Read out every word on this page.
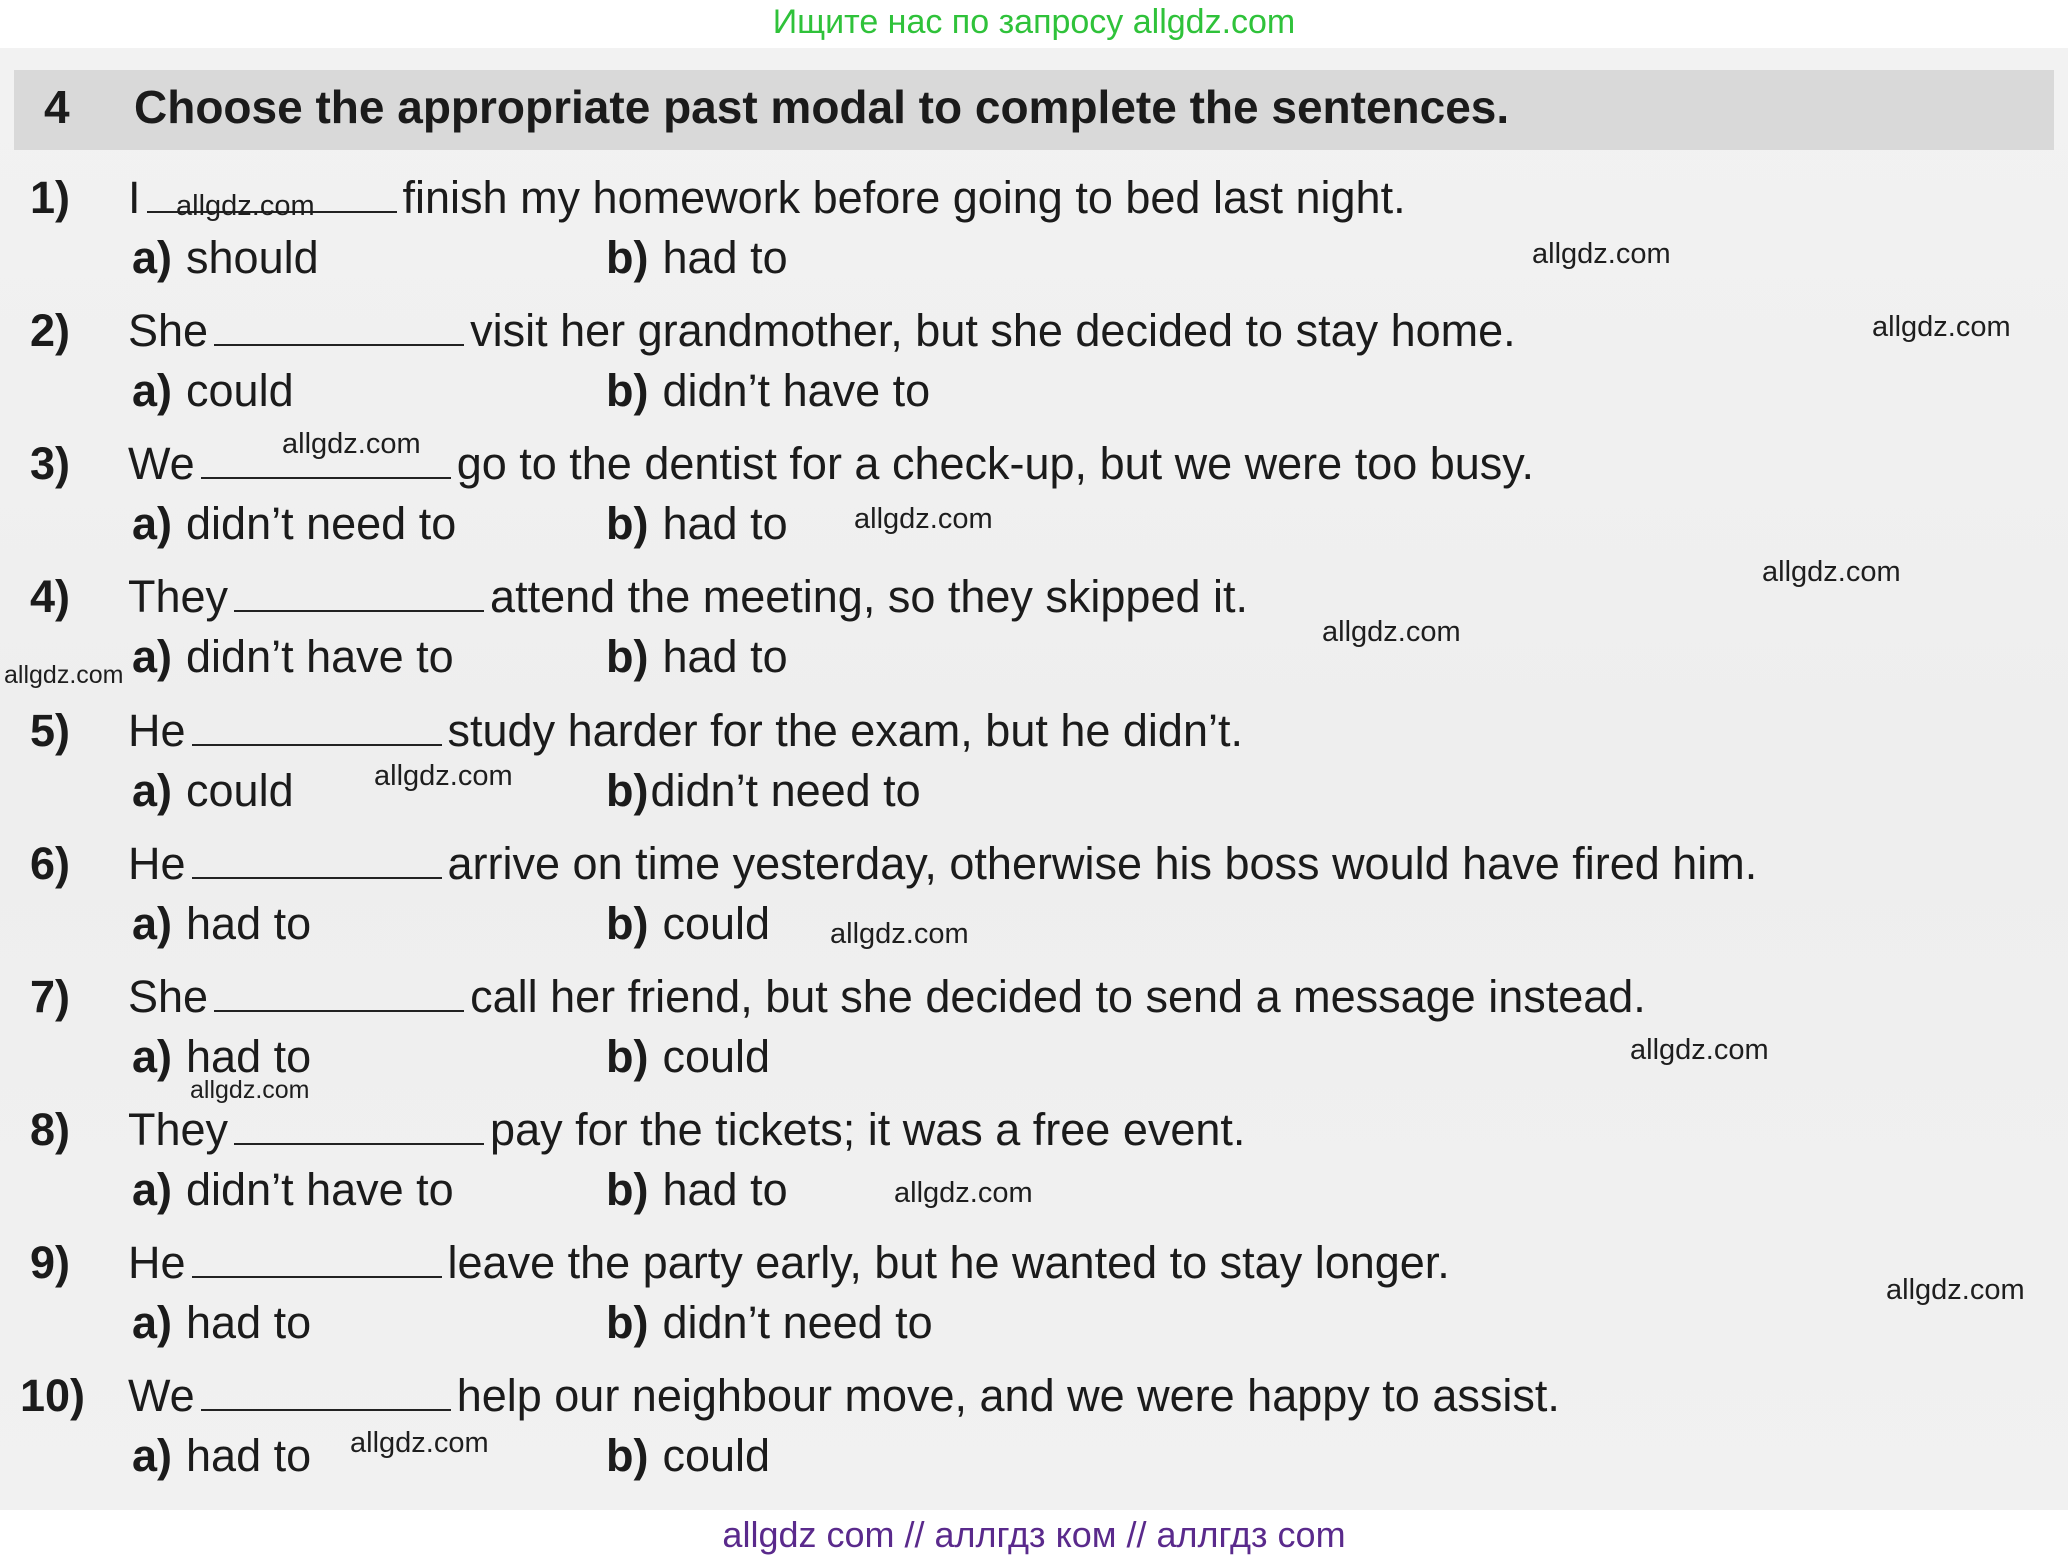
Ищите нас по запросу allgdz.com
4 Choose the appropriate past modal to complete the sentences.
1) I	finish my homework before going to bed last night.
a) should	b) had to
2) She	visit her grandmother, but she decided to stay home.
a) could	b) didn’t have to
3) We	go to the dentist for a check-up, but we were too busy.
a) didn’t need to	b) had to
4) They	attend the meeting, so they skipped it.
a) didn’t have to	b) had to
5) He	study harder for the exam, but he didn’t.
a) could	b)didn’t need to
6) He	arrive on time yesterday, otherwise his boss would have fired him.
a) had to	b) could
7) She	call her friend, but she decided to send a message instead.
a) had to	b) could
8) They	pay for the tickets; it was a free event.
a) didn’t have to	b) had to
9) He	leave the party early, but he wanted to stay longer.
a) had to	b) didn’t need to
10) We	help our neighbour move, and we were happy to assist.
a) had to	b) could
allgdz.com
allgdz.com
allgdz.com
allgdz.com
allgdz.com
allgdz.com
allgdz.com
allgdz.com
allgdz.com
allgdz.com
allgdz.com
allgdz.com
allgdz.com
allgdz.com
allgdz.com
allgdz com // аллгдз ком // аллгдз com
